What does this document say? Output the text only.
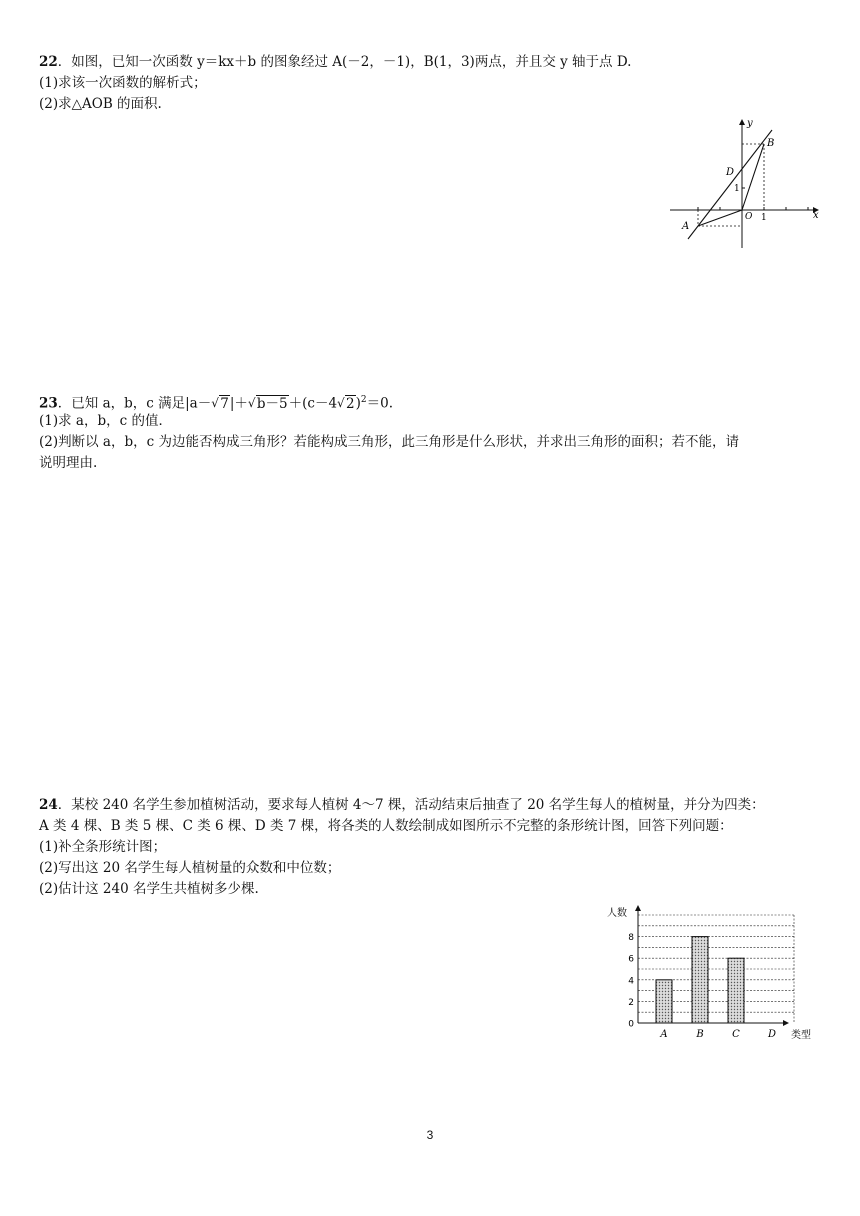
22．如图，已知一次函数 y＝kx＋b 的图象经过 A(－2，－1)，B(1，3)两点，并且交 y 轴于点 D.
(1)求该一次函数的解析式；
(2)求△AOB 的面积.
x
y
B
D
A
O 1
1
23．已知 a，b，c 满足|a－ √ 7|＋ √ b－5＋(c－4 √ 2)$^2$＝0.
(1)求 a，b，c 的值．
(2)判断以 a，b，c 为边能否构成三角形？若能构成三角形，此三角形是什么形状，并求出三角形的面积；若不能，请
说明理由.
24．某校 240 名学生参加植树活动，要求每人植树 4～7 棵，活动结束后抽查了 20 名学生每人的植树量，并分为四类：
A 类 4 棵、B 类 5 棵、C 类 6 棵、D 类 7 棵，将各类的人数绘制成如图所示不完整的条形统计图，回答下列问题：
(1)补全条形统计图；
(2)写出这 20 名学生每人植树量的众数和中位数；
(2)估计这 240 名学生共植树多少棵.
0
2
4
6
8
A	B	C	D
人数
类型
3
